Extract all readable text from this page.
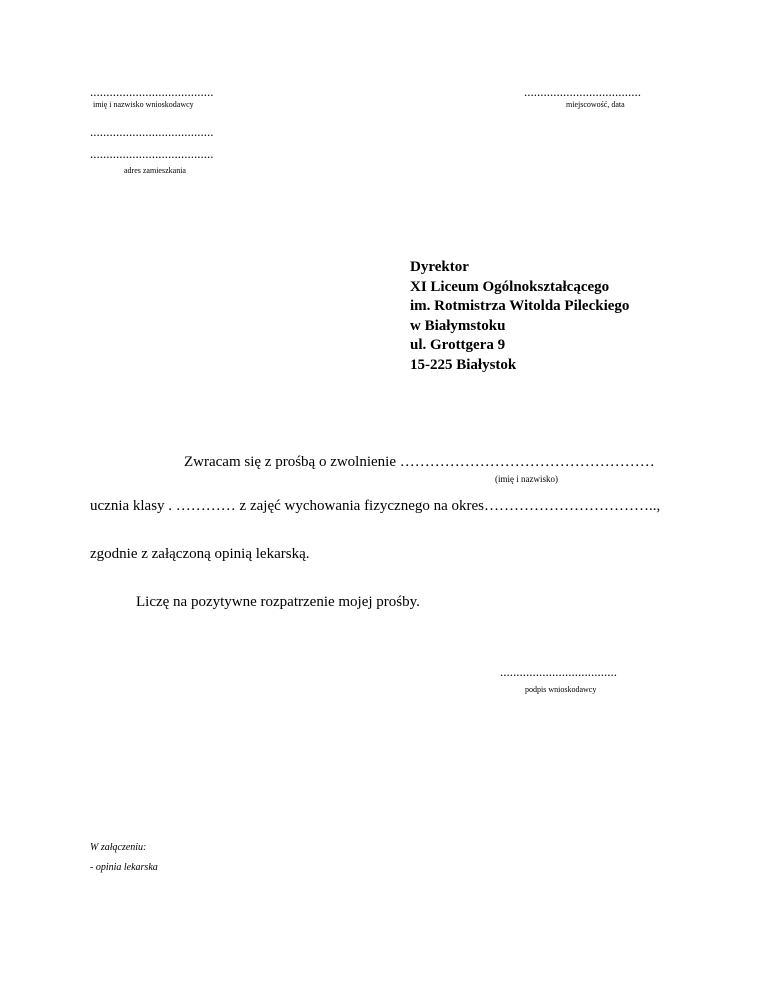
......................................
imię i nazwisko wnioskodawcy
......................................
......................................
adres zamieszkania
....................................
miejscowość, data
Dyrektor
XI Liceum Ogólnokształcącego
im. Rotmistrza Witolda Pileckiego
w Białymstoku
ul. Grottgera 9
15-225 Białystok
Zwracam się z prośbą o zwolnienie ……………………………………………
(imię i nazwisko)
ucznia klasy . ………… z zajęć wychowania fizycznego na okres……………………………..,
zgodnie z załączoną opinią lekarską.
Liczę na pozytywne rozpatrzenie mojej prośby.
....................................
podpis wnioskodawcy
W załączeniu:
- opinia lekarska
